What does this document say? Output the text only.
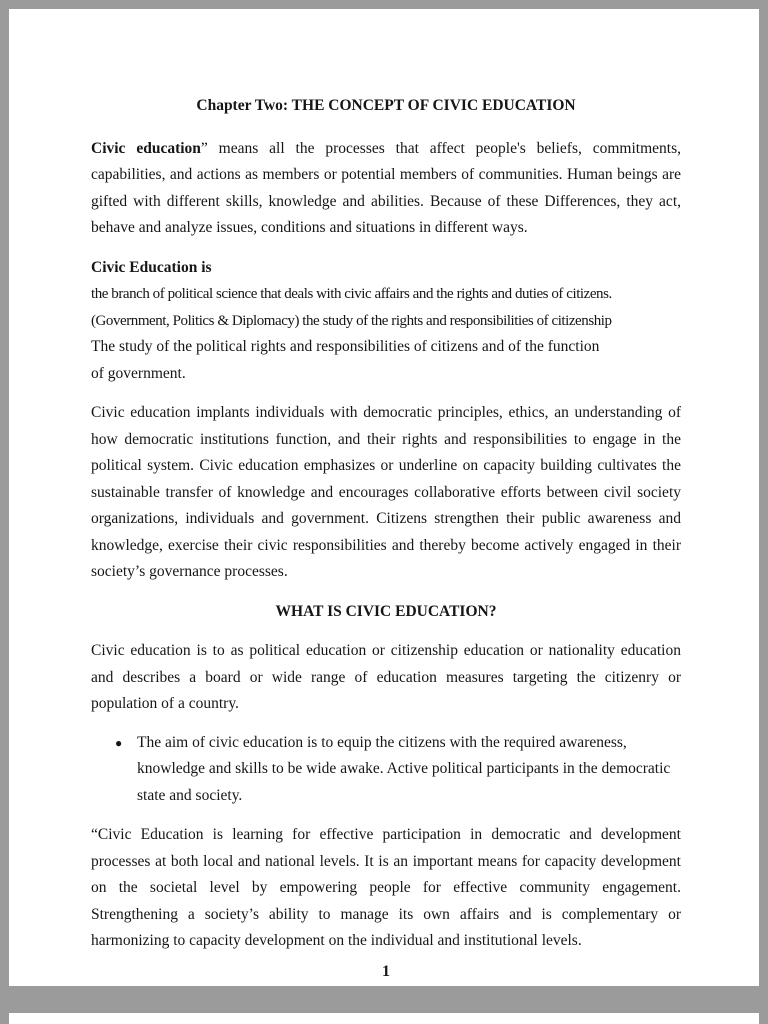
Chapter Two: THE CONCEPT OF CIVIC EDUCATION

Civic education” means all the processes that affect people's beliefs, commitments, capabilities, and actions as members or potential members of communities. Human beings are gifted with different skills, knowledge and abilities. Because of these Differences, they act, behave and analyze issues, conditions and situations in different ways.

Civic Education is
the branch of political science that deals with civic affairs and the rights and duties of citizens.
(Government, Politics & Diplomacy) the study of the rights and responsibilities of citizenship
The study of the political rights and responsibilities of citizens and of the function
of government.

Civic education implants individuals with democratic principles, ethics, an understanding of how democratic institutions function, and their rights and responsibilities to engage in the political system. Civic education emphasizes or underline on capacity building cultivates the sustainable transfer of knowledge and encourages collaborative efforts between civil society organizations, individuals and government. Citizens strengthen their public awareness and knowledge, exercise their civic responsibilities and thereby become actively engaged in their society’s governance processes.

WHAT IS CIVIC EDUCATION?

Civic education is to as political education or citizenship education or nationality education and describes a board or wide range of education measures targeting the citizenry or population of a country.

● The aim of civic education is to equip the citizens with the required awareness, knowledge and skills to be wide awake. Active political participants in the democratic state and society.

“Civic Education is learning for effective participation in democratic and development processes at both local and national levels. It is an important means for capacity development on the societal level by empowering people for effective community engagement. Strengthening a society’s ability to manage its own affairs and is complementary or harmonizing to capacity development on the individual and institutional levels.

1
